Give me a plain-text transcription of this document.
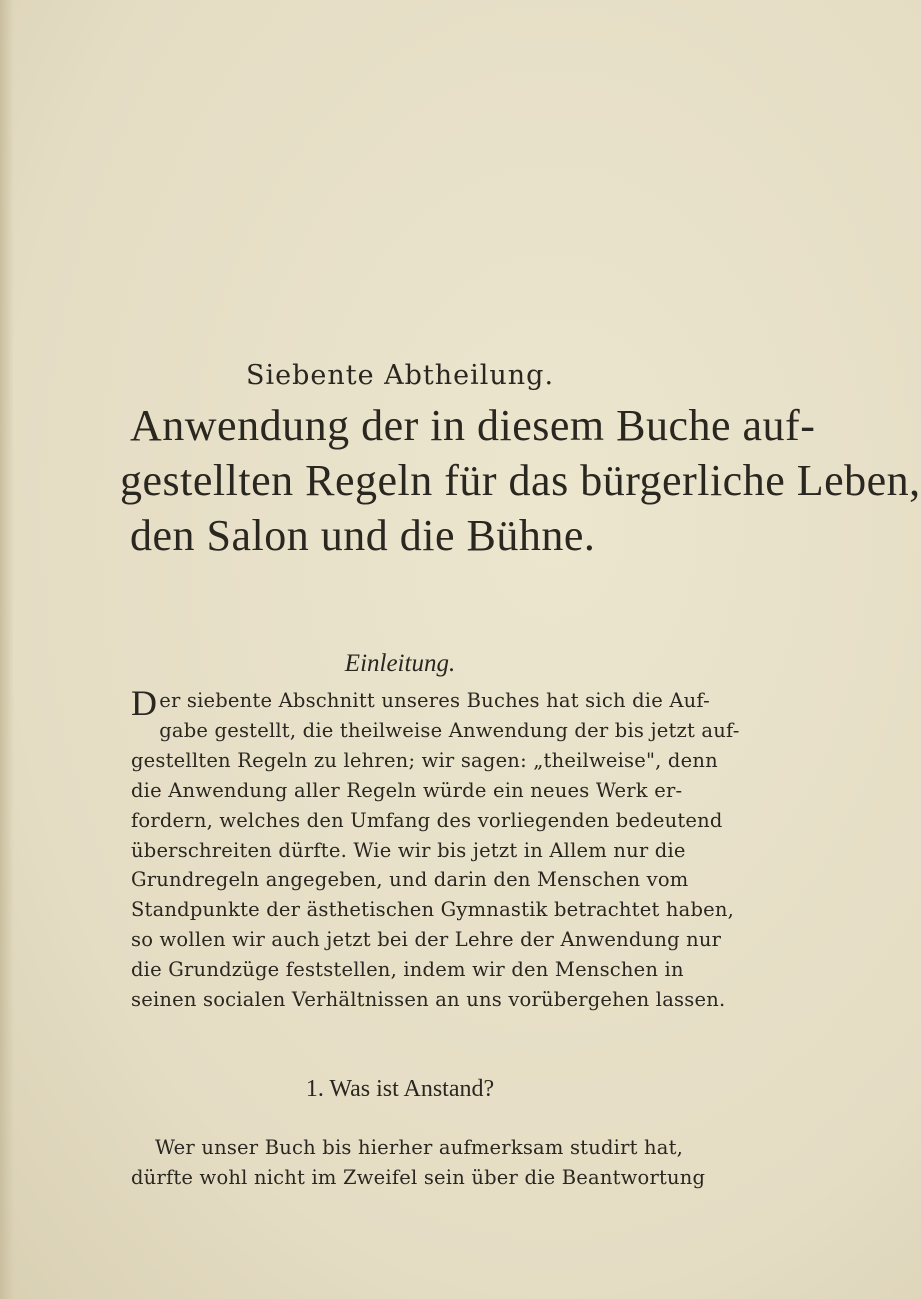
Siebente Abtheilung.
Anwendung der in diesem Buche auf-
gestellten Regeln für das bürgerliche Leben,
den Salon und die Bühne.
Einleitung.
D er siebente Abschnitt unseres Buches hat sich die Auf-
gabe gestellt, die theilweise Anwendung der bis jetzt auf-
gestellten Regeln zu lehren; wir sagen: „theilweise", denn
die Anwendung aller Regeln würde ein neues Werk er-
fordern, welches den Umfang des vorliegenden bedeutend
überschreiten dürfte. Wie wir bis jetzt in Allem nur die
Grundregeln angegeben, und darin den Menschen vom
Standpunkte der ästhetischen Gymnastik betrachtet haben,
so wollen wir auch jetzt bei der Lehre der Anwendung nur
die Grundzüge feststellen, indem wir den Menschen in
seinen socialen Verhältnissen an uns vorübergehen lassen.
1. Was ist Anstand?
Wer unser Buch bis hierher aufmerksam studirt hat,
dürfte wohl nicht im Zweifel sein über die Beantwortung
